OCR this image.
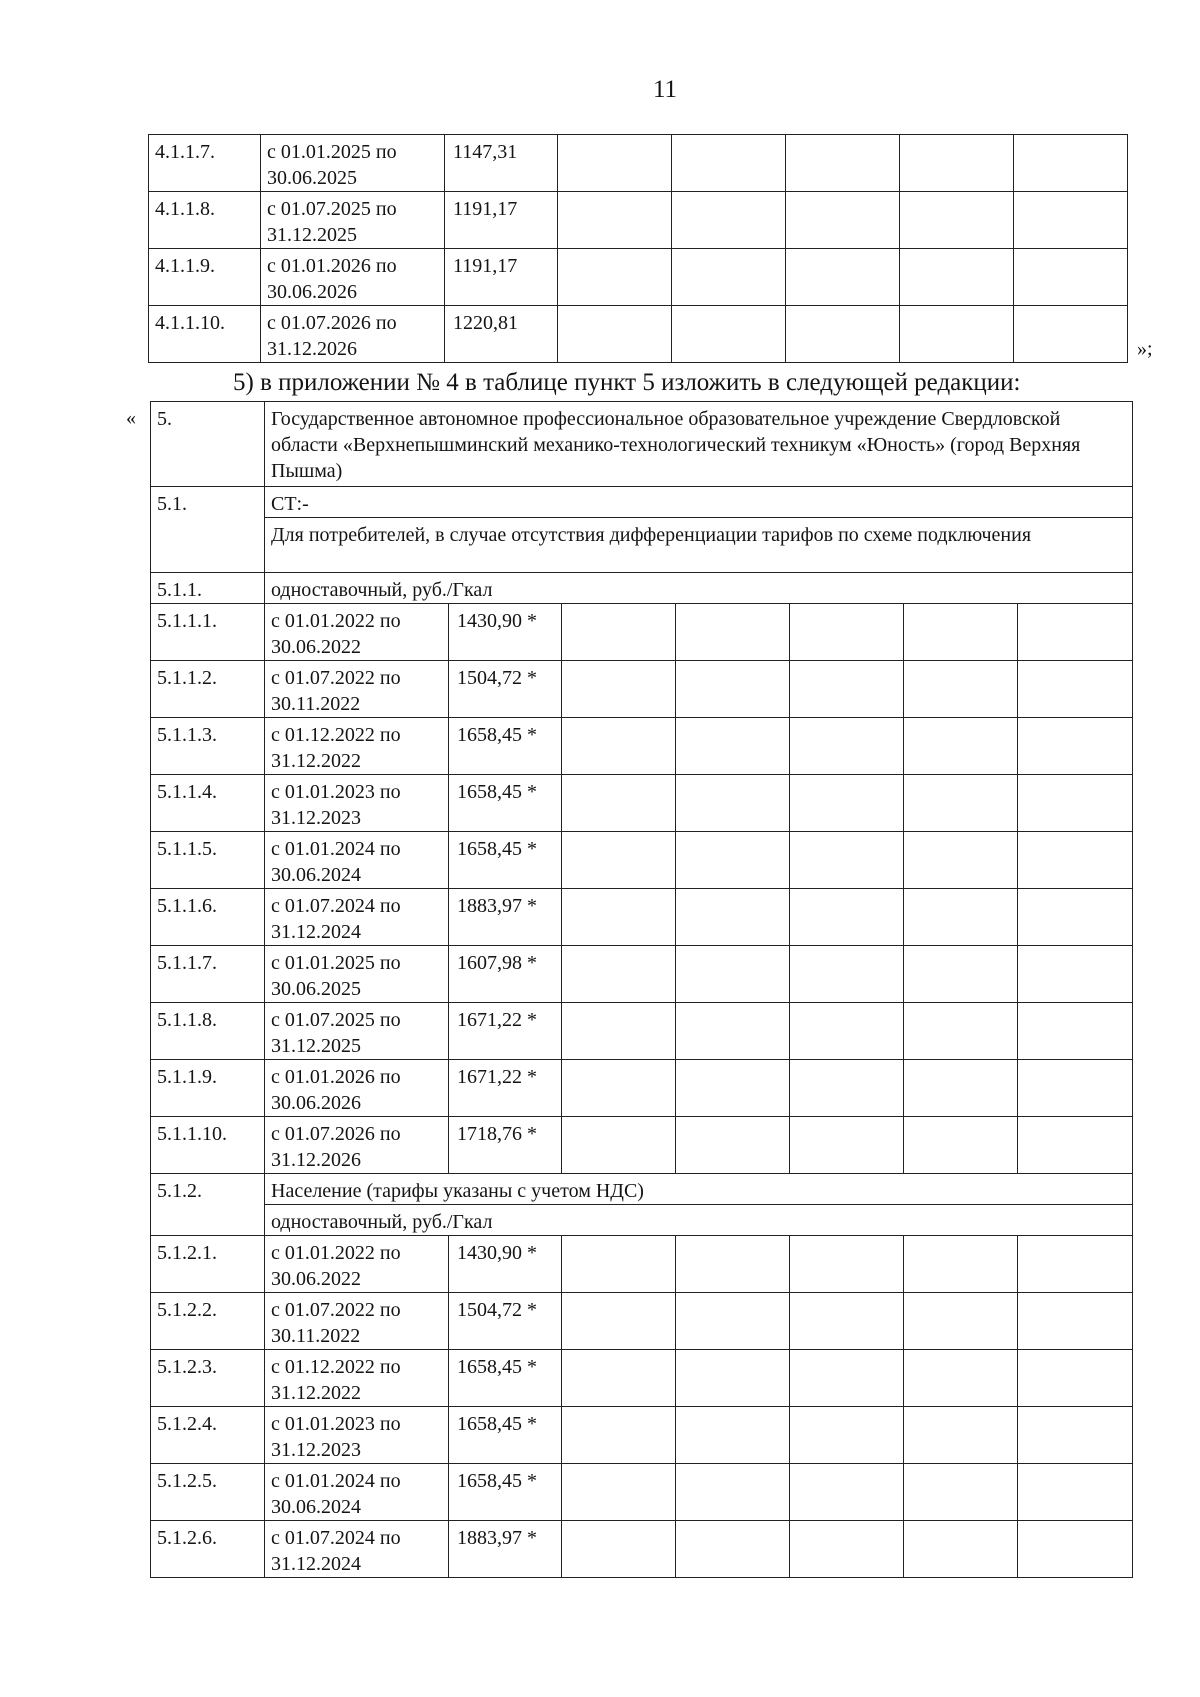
11
4.1.1.7.	с 01.01.2025 по 30.06.2025	1147,31					
4.1.1.8.	с 01.07.2025 по 31.12.2025	1191,17					
4.1.1.9.	с 01.01.2026 по 30.06.2026	1191,17					
4.1.1.10.	с 01.07.2026 по 31.12.2026	1220,81					
»;
5) в приложении № 4 в таблице пункт 5 изложить в следующей редакции:
« 5.	Государственное автономное профессиональное образовательное учреждение Свердловской области «Верхнепышминский механико-технологический техникум «Юность» (город Верхняя Пышма)						
5.1.	СТ:-						
	Для потребителей, в случае отсутствия дифференциации тарифов по схеме подключения						
5.1.1.	одноставочный, руб./Гкал						
5.1.1.1.	с 01.01.2022 по 30.06.2022	1430,90 *					
5.1.1.2.	с 01.07.2022 по 30.11.2022	1504,72 *					
5.1.1.3.	с 01.12.2022 по 31.12.2022	1658,45 *					
5.1.1.4.	с 01.01.2023 по 31.12.2023	1658,45 *					
5.1.1.5.	с 01.01.2024 по 30.06.2024	1658,45 *					
5.1.1.6.	с 01.07.2024 по 31.12.2024	1883,97 *					
5.1.1.7.	с 01.01.2025 по 30.06.2025	1607,98 *					
5.1.1.8.	с 01.07.2025 по 31.12.2025	1671,22 *					
5.1.1.9.	с 01.01.2026 по 30.06.2026	1671,22 *					
5.1.1.10.	с 01.07.2026 по 31.12.2026	1718,76 *					
5.1.2.	Население (тарифы указаны с учетом НДС)						
	одноставочный, руб./Гкал						
5.1.2.1.	с 01.01.2022 по 30.06.2022	1430,90 *					
5.1.2.2.	с 01.07.2022 по 30.11.2022	1504,72 *					
5.1.2.3.	с 01.12.2022 по 31.12.2022	1658,45 *					
5.1.2.4.	с 01.01.2023 по 31.12.2023	1658,45 *					
5.1.2.5.	с 01.01.2024 по 30.06.2024	1658,45 *					
5.1.2.6.	с 01.07.2024 по 31.12.2024	1883,97 *					
